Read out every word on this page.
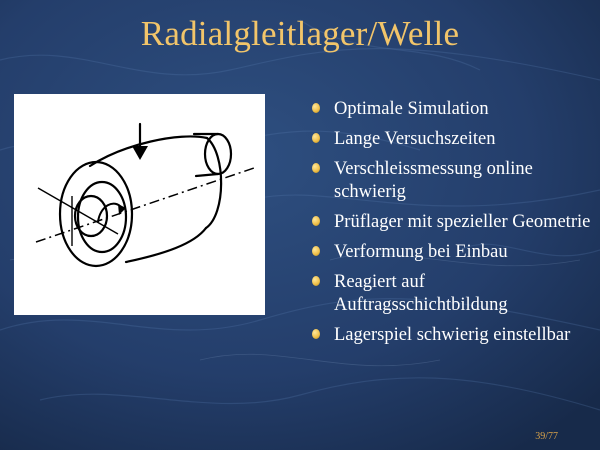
Radialgleitlager/Welle
Optimale Simulation
Lange Versuchszeiten
Verschleissmessung online schwierig
Prüflager mit spezieller Geometrie
Verformung bei Einbau
Reagiert auf Auftragsschichtbildung
Lagerspiel schwierig einstellbar
39/77
